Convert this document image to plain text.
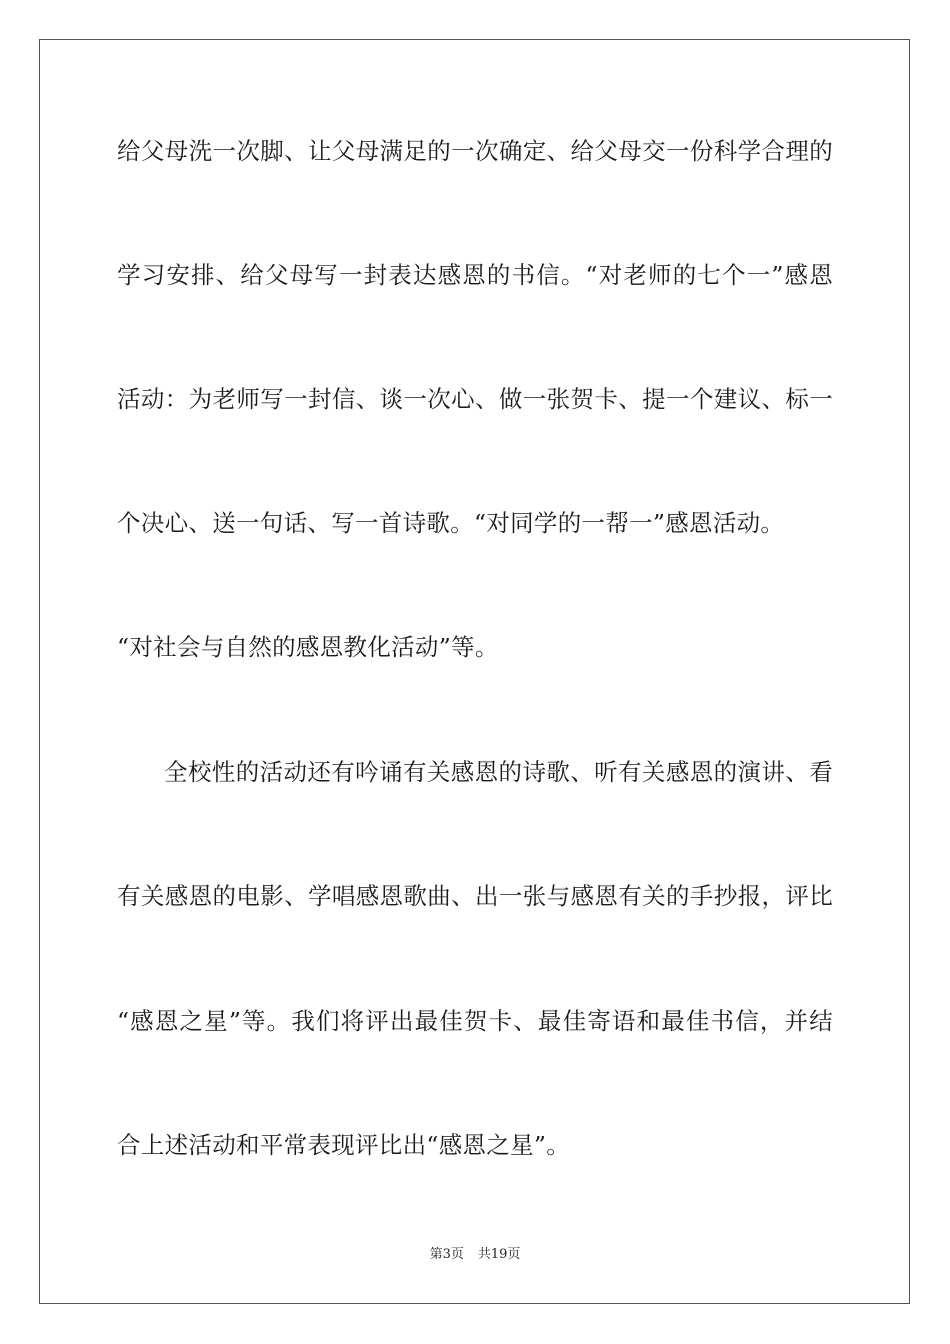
给父母洗一次脚、让父母满足的一次确定、给父母交一份科学合理的
学习安排、给父母写一封表达感恩的书信。“对老师的七个一”感恩
活动：为老师写一封信、谈一次心、做一张贺卡、提一个建议、标一
个决心、送一句话、写一首诗歌。“对同学的一帮一”感恩活动。
“对社会与自然的感恩教化活动”等。
全校性的活动还有吟诵有关感恩的诗歌、听有关感恩的演讲、看
有关感恩的电影、学唱感恩歌曲、出一张与感恩有关的手抄报，评比
“感恩之星”等。我们将评出最佳贺卡、最佳寄语和最佳书信，并结
合上述活动和平常表现评比出“感恩之星”。
第3页 共19页
